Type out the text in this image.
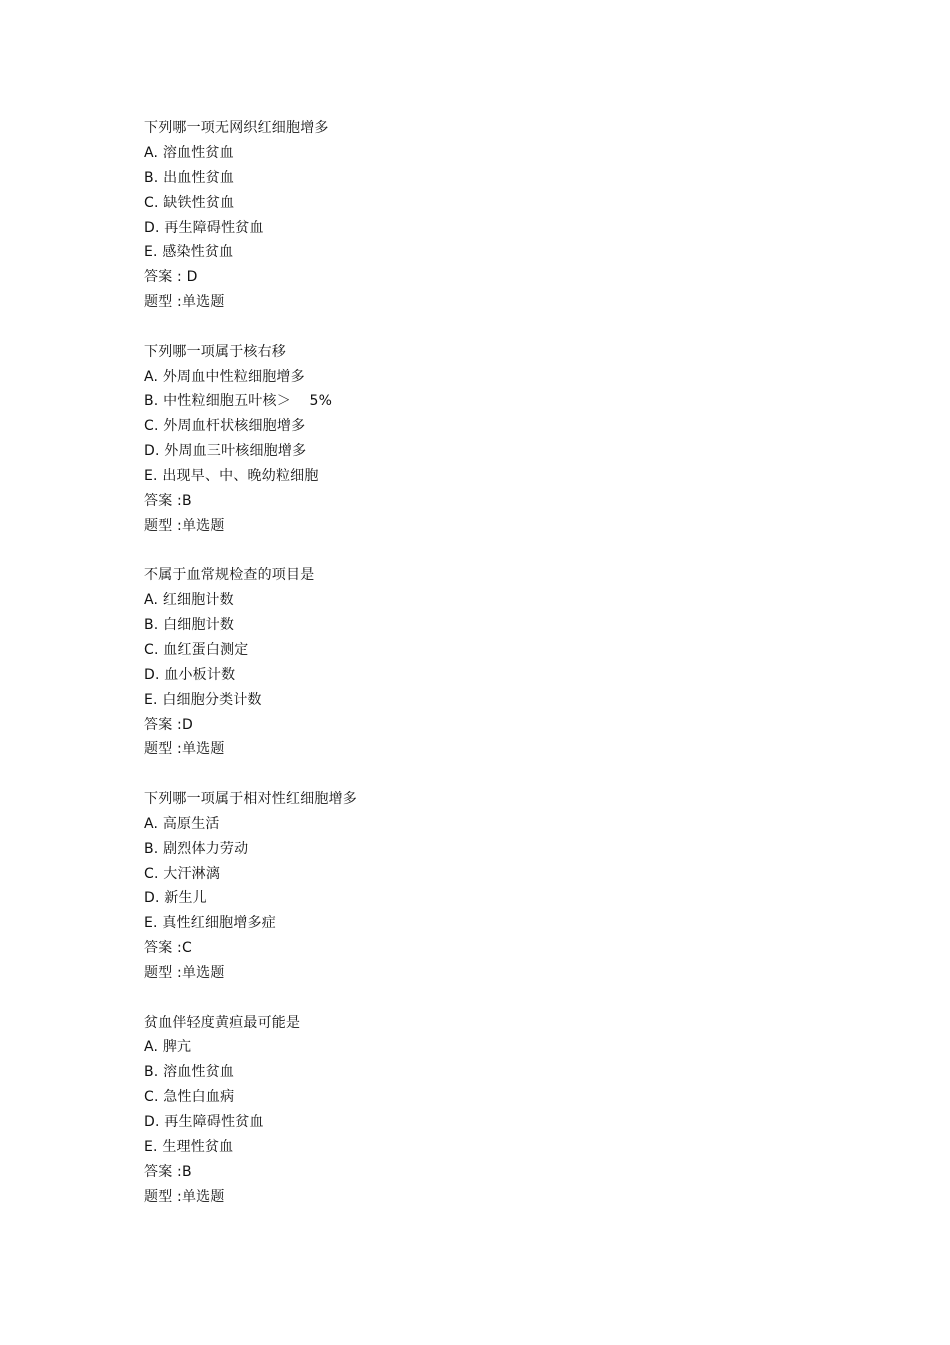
下列哪一项无网织红细胞增多
A. 溶血性贫血
B. 出血性贫血
C. 缺铁性贫血
D. 再生障碍性贫血
E. 感染性贫血
答案 : D
题型 :单选题
下列哪一项属于核右移
A. 外周血中性粒细胞增多
B. 中性粒细胞五叶核＞    5%
C. 外周血杆状核细胞增多
D. 外周血三叶核细胞增多
E. 出现早、中、晚幼粒细胞
答案 :B
题型 :单选题
不属于血常规检查的项目是
A. 红细胞计数
B. 白细胞计数
C. 血红蛋白测定
D. 血小板计数
E. 白细胞分类计数
答案 :D
题型 :单选题
下列哪一项属于相对性红细胞增多
A. 高原生活
B. 剧烈体力劳动
C. 大汗淋漓
D. 新生儿
E. 真性红细胞增多症
答案 :C
题型 :单选题
贫血伴轻度黄疸最可能是
A. 脾亢
B. 溶血性贫血
C. 急性白血病
D. 再生障碍性贫血
E. 生理性贫血
答案 :B
题型 :单选题
